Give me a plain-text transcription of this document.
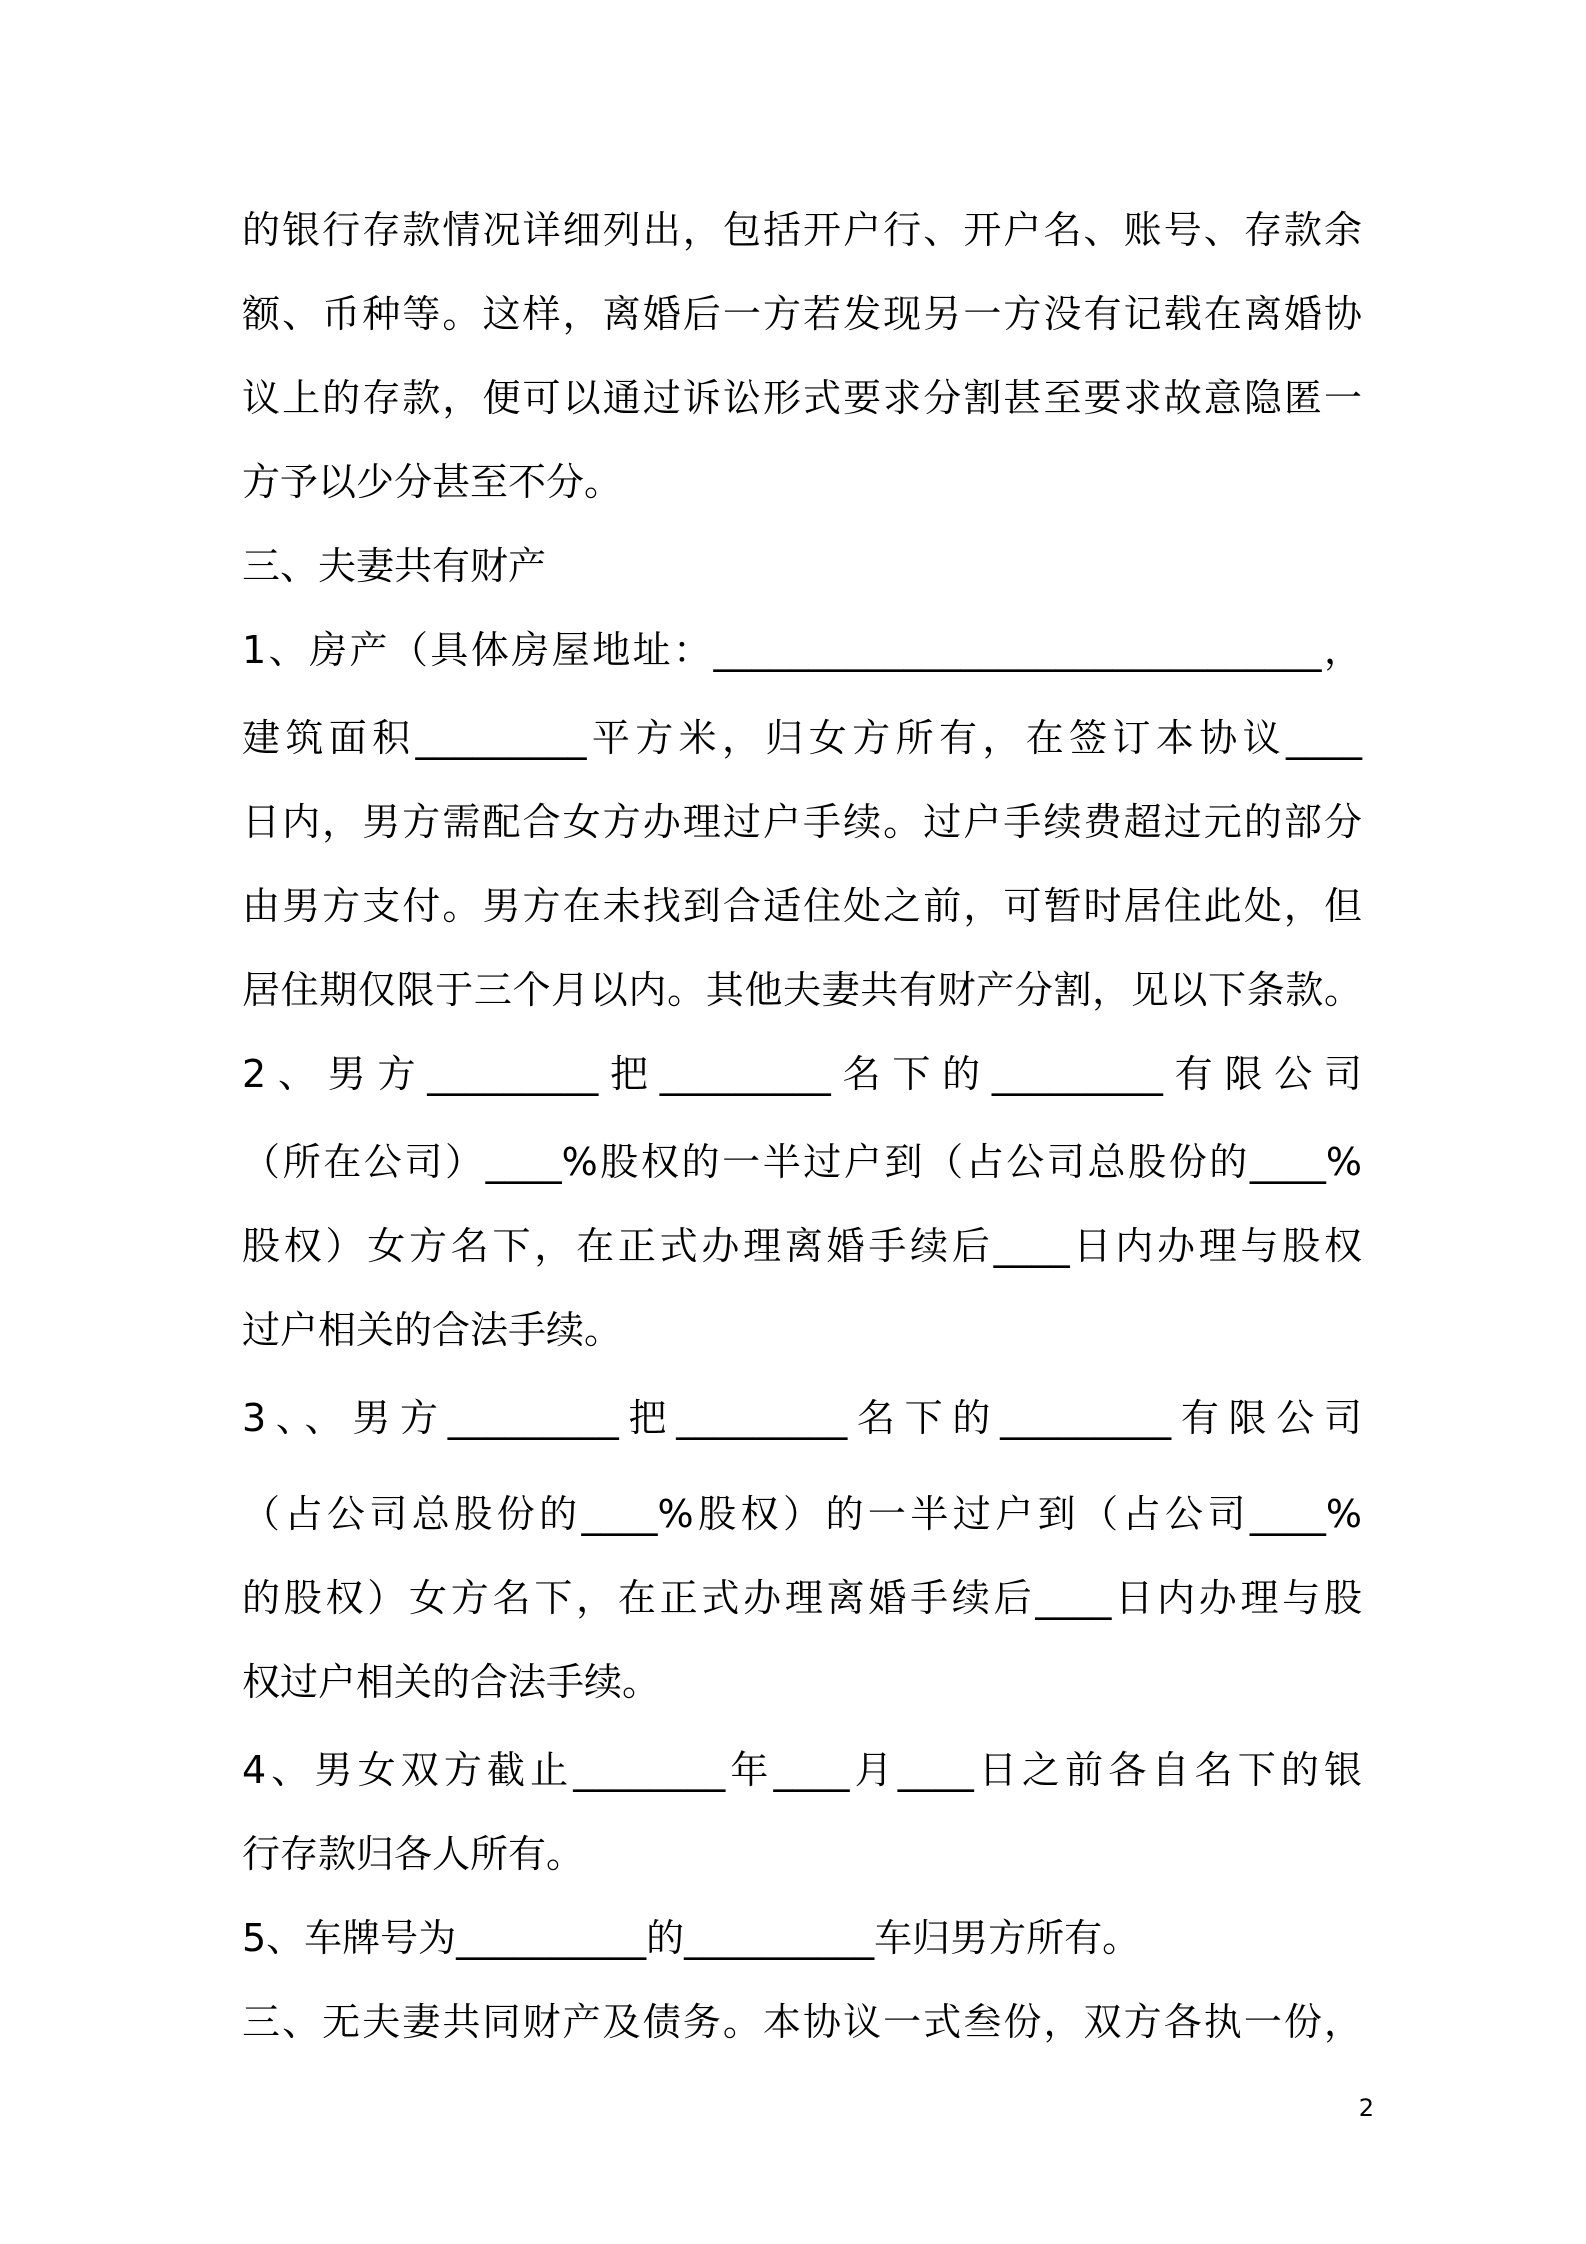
的银行存款情况详细列出，包括开户行、开户名、账号、存款余
额、币种等。这样，离婚后一方若发现另一方没有记载在离婚协
议上的存款，便可以通过诉讼形式要求分割甚至要求故意隐匿一
方予以少分甚至不分。
三、夫妻共有财产
1、房产（具体房屋地址：________________________________，
建筑面积_________平方米，归女方所有，在签订本协议____
日内，男方需配合女方办理过户手续。过户手续费超过元的部分
由男方支付。男方在未找到合适住处之前，可暂时居住此处，但
居住期仅限于三个月以内。其他夫妻共有财产分割，见以下条款。
2、男方_________把_________名下的_________有限公司
（所在公司）____%股权的一半过户到（占公司总股份的____%
股权）女方名下，在正式办理离婚手续后____日内办理与股权
过户相关的合法手续。
3、、男方_________把_________名下的_________有限公司
（占公司总股份的____%股权）的一半过户到（占公司____%
的股权）女方名下，在正式办理离婚手续后____日内办理与股
权过户相关的合法手续。
4、男女双方截止________年____月____日之前各自名下的银
行存款归各人所有。
5、车牌号为__________的__________车归男方所有。
三、无夫妻共同财产及债务。本协议一式叁份，双方各执一份，
2
